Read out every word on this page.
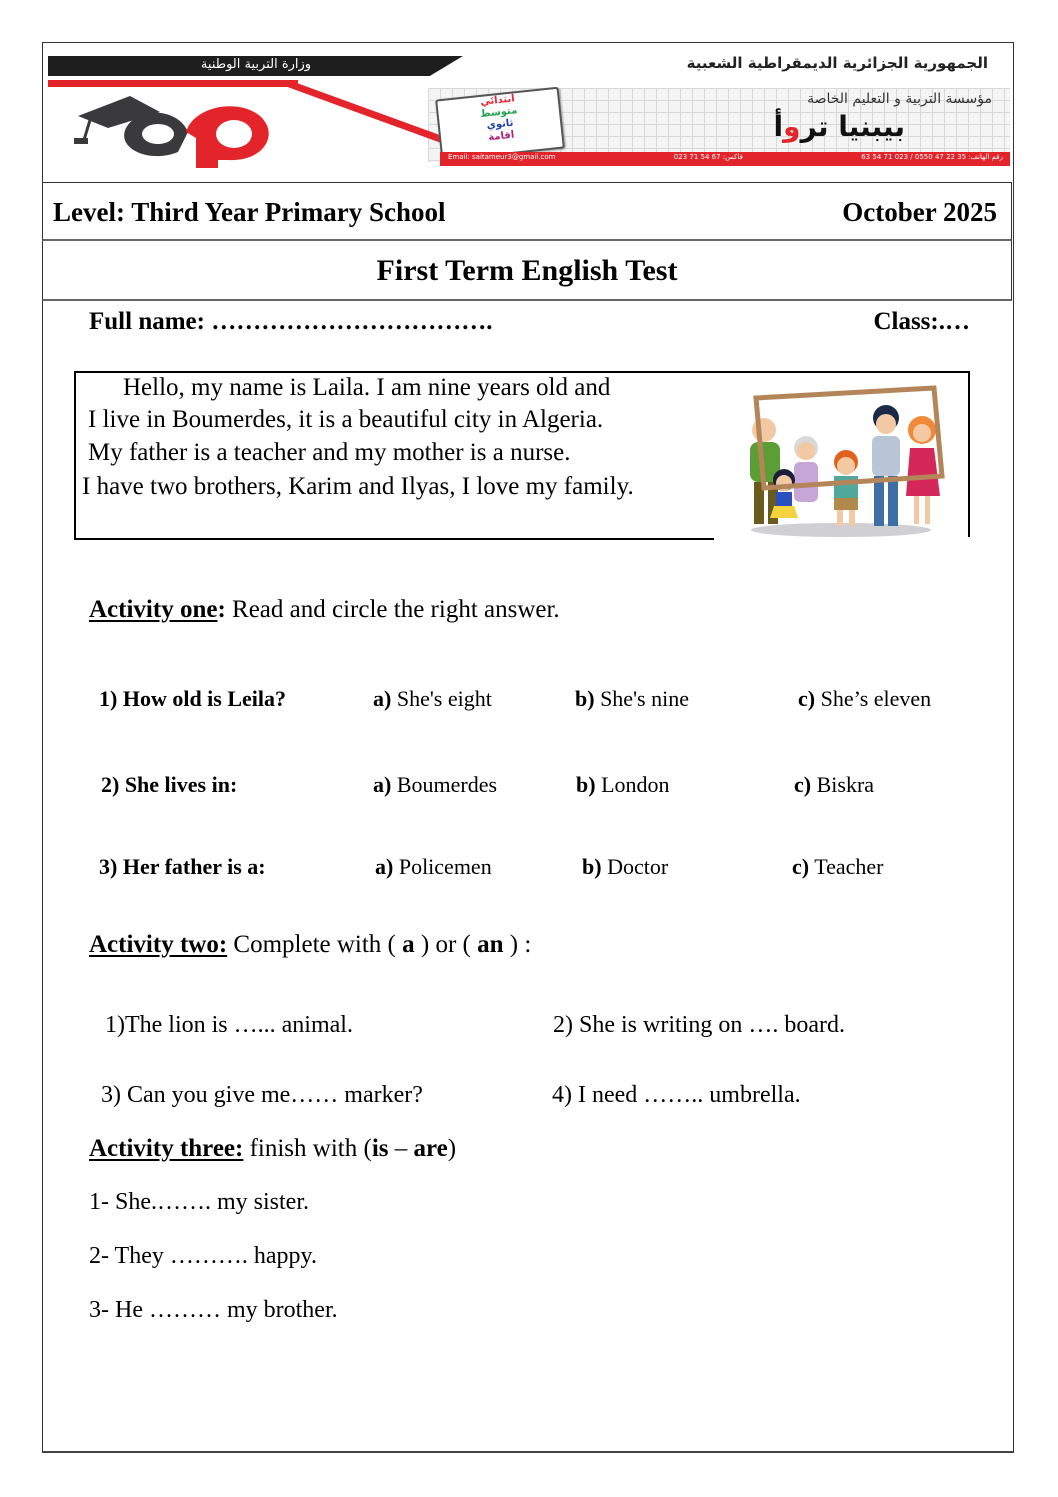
وزارة التربية الوطنية	الجمهورية الجزائرية الديمقراطية الشعبية
ابتدائي
متوسط
ثانوي
اقامة
مؤسسة التربية و التعليم الخاصة
بيبنيا تروأ
Email: saitameur3@gmail.com	023 71 54 67 :فاكس	رقم الهاتف: 35 22 47 0550 / 023 71 54 63
Level: Third Year Primary School	October 2025
First Term English Test
Full name: …………………………….	Class:.…
Hello, my name is Laila. I am nine years old and
I live in Boumerdes, it is a beautiful city in Algeria.
My father is a teacher and my mother is a nurse.
I have two brothers, Karim and Ilyas, I love my family.
Activity one: Read and circle the right answer.
1) How old is Leila?	a) She's eight	b) She's nine	c) She’s eleven
2) She lives in:	a) Boumerdes	b) London	c) Biskra
3) Her father is a:	a) Policemen	b) Doctor	c) Teacher
Activity two: Complete with ( a ) or ( an ) :
1)The lion is …... animal.	2) She is writing on …. board.
3) Can you give me…… marker?	4) I need …….. umbrella.
Activity three: finish with (is – are)
1- She.……. my sister.
2- They ………. happy.
3- He ……… my brother.
